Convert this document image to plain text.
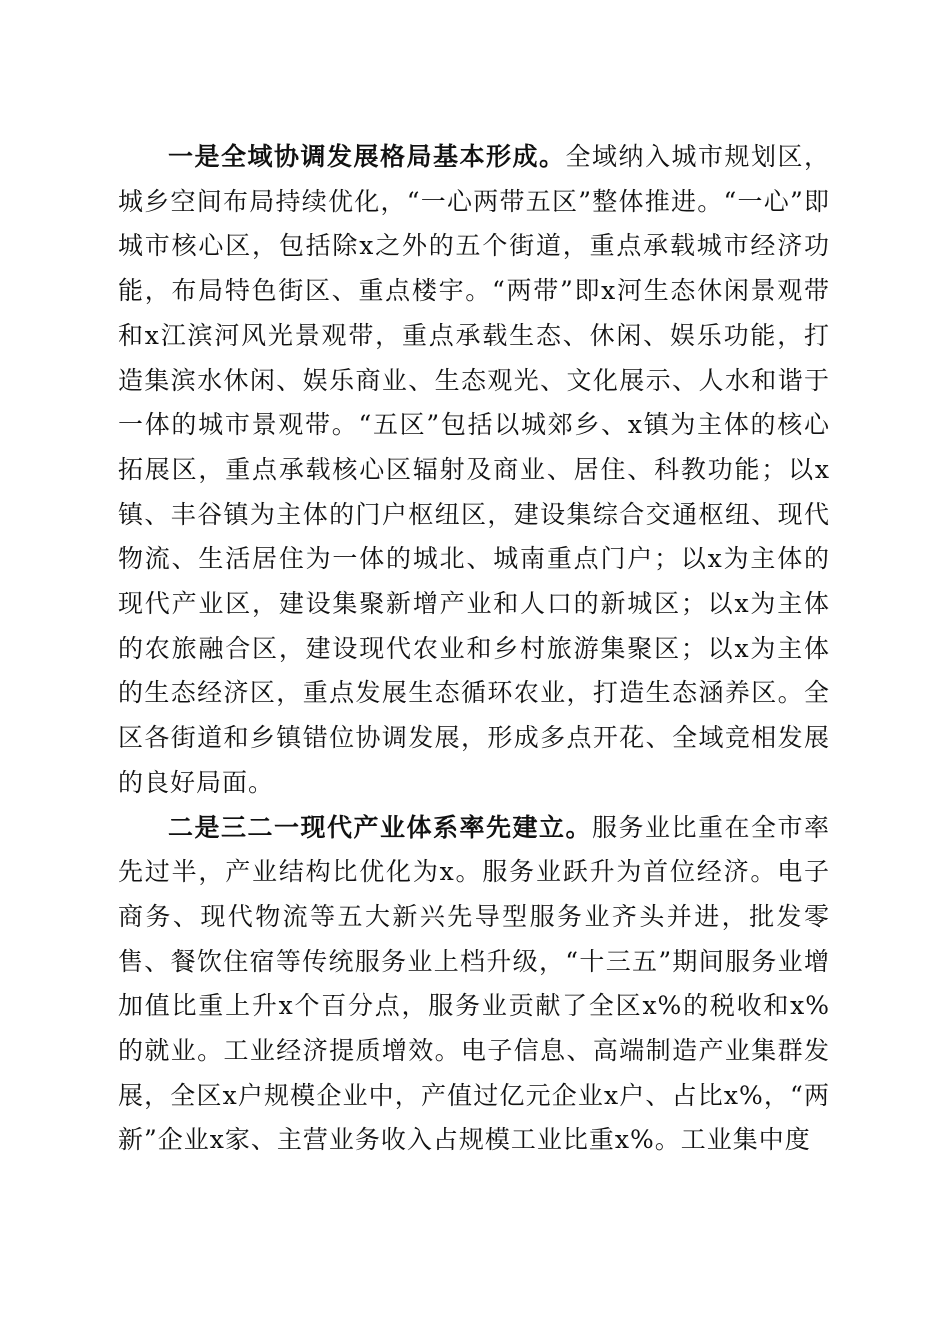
一是全域协调发展格局基本形成。全域纳入城市规划区，城乡空间布局持续优化，“一心两带五区”整体推进。“一心”即城市核心区，包括除x之外的五个街道，重点承载城市经济功能，布局特色街区、重点楼宇。“两带”即x河生态休闲景观带和x江滨河风光景观带，重点承载生态、休闲、娱乐功能，打造集滨水休闲、娱乐商业、生态观光、文化展示、人水和谐于一体的城市景观带。“五区”包括以城郊乡、x镇为主体的核心拓展区，重点承载核心区辐射及商业、居住、科教功能；以x镇、丰谷镇为主体的门户枢纽区，建设集综合交通枢纽、现代物流、生活居住为一体的城北、城南重点门户；以x为主体的现代产业区，建设集聚新增产业和人口的新城区；以x为主体的农旅融合区，建设现代农业和乡村旅游集聚区；以x为主体的生态经济区，重点发展生态循环农业，打造生态涵养区。全区各街道和乡镇错位协调发展，形成多点开花、全域竞相发展的良好局面。

二是三二一现代产业体系率先建立。服务业比重在全市率先过半，产业结构比优化为x。服务业跃升为首位经济。电子商务、现代物流等五大新兴先导型服务业齐头并进，批发零售、餐饮住宿等传统服务业上档升级，“十三五”期间服务业增加值比重上升x个百分点，服务业贡献了全区x%的税收和x%的就业。工业经济提质增效。电子信息、高端制造产业集群发展，全区x户规模企业中，产值过亿元企业x户、占比x%，“两新”企业x家、主营业务收入占规模工业比重x%。工业集中度
